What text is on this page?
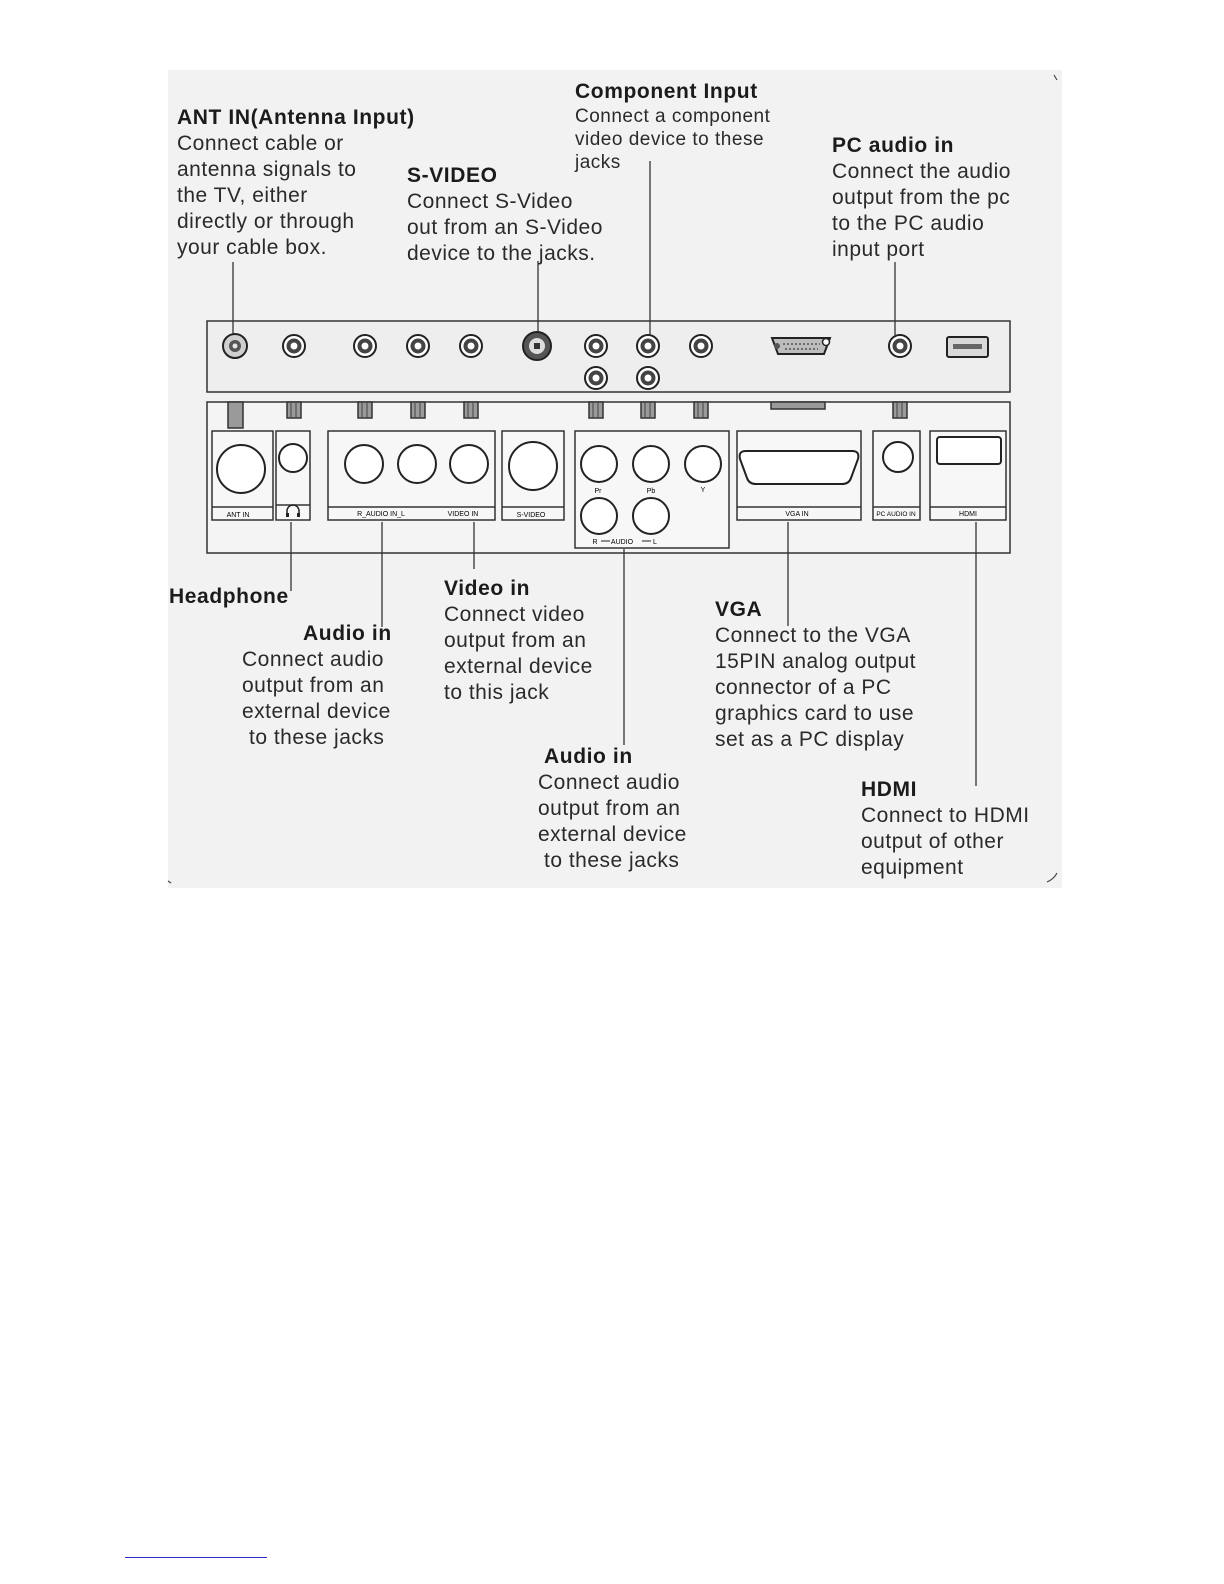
ANT IN	R_AUDIO IN_L	VIDEO IN	S-VIDEO
Pr	Pb	Y
R AUDIO	L
VGA IN	PC AUDIO IN	HDMI
ANT IN(Antenna Input)
Connect cable or
antenna signals to
the TV, either
directly or through
your cable box.
S-VIDEO
Connect S-Video
out from an S-Video
device to the jacks.
Component Input
Connect a component
video device to these
jacks
PC audio in
Connect the audio
output from the pc
to the PC audio
input port
Headphone
Audio in
Connect audio
output from an
external device
to these jacks
Video in
Connect video
output from an
external device
to this jack
VGA
Connect to the VGA
15PIN analog output
connector of a PC
graphics card to use
set as a PC display
Audio in
Connect audio
output from an
external device
to these jacks
HDMI
Connect to HDMI
output of other
equipment
